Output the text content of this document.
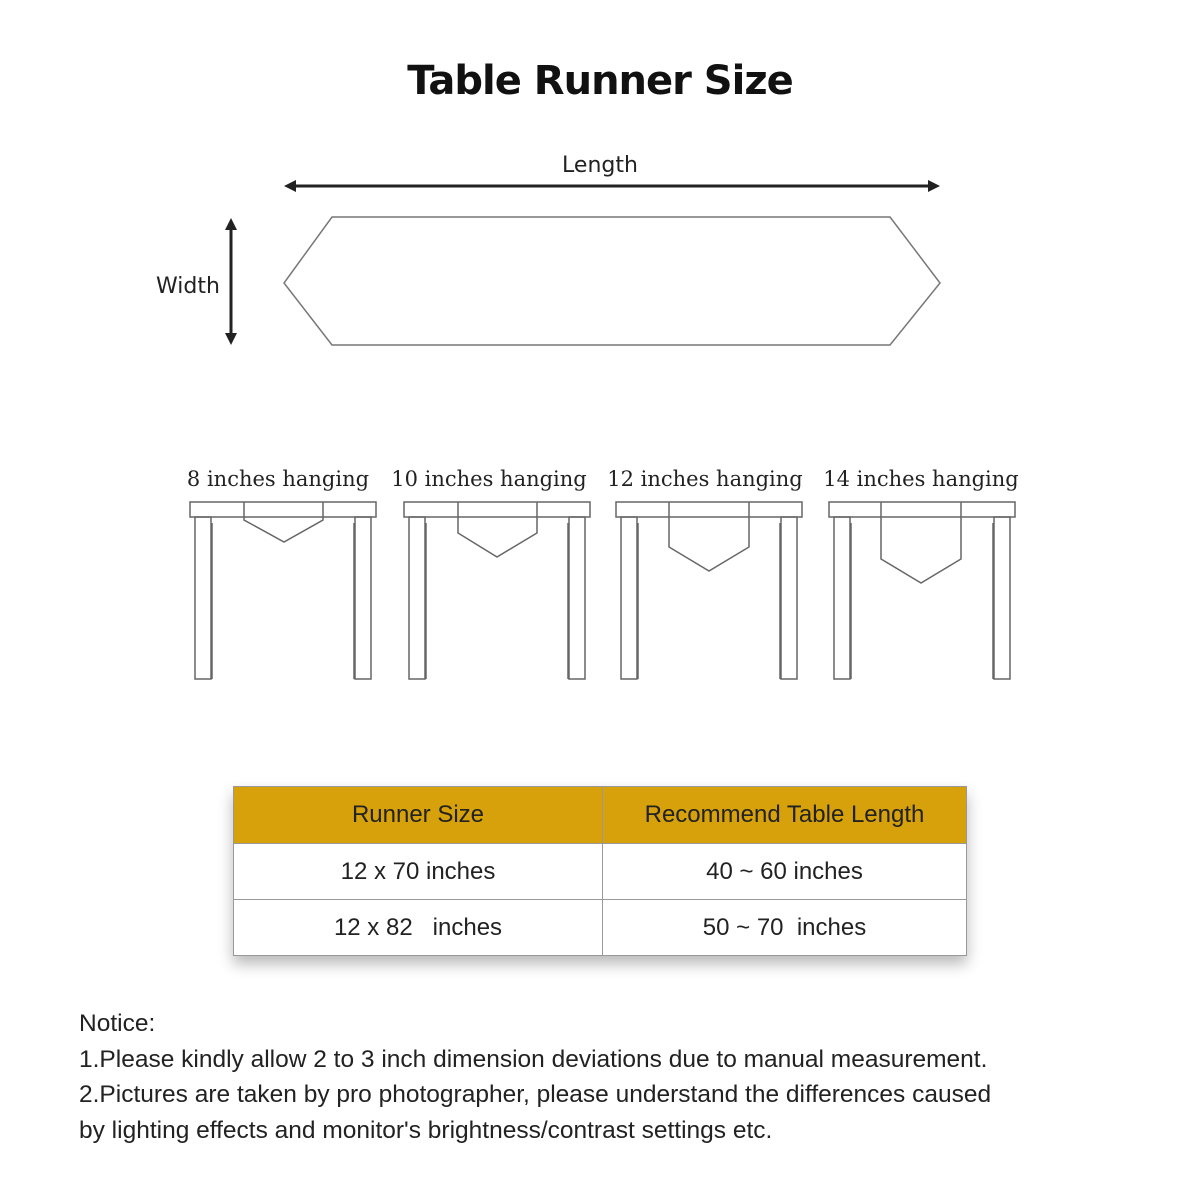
Table Runner Size
Length
Width
8 inches hanging 10 inches hanging 12 inches hanging 14 inches hanging
Runner Size	Recommend Table Length
12 x 70 inches	40 ~ 60 inches
12 x 82   inches	50 ~ 70  inches
Notice:
1.Please kindly allow 2 to 3 inch dimension deviations due to manual measurement.
2.Pictures are taken by pro photographer, please understand the differences caused
by lighting effects and monitor's brightness/contrast settings etc.
